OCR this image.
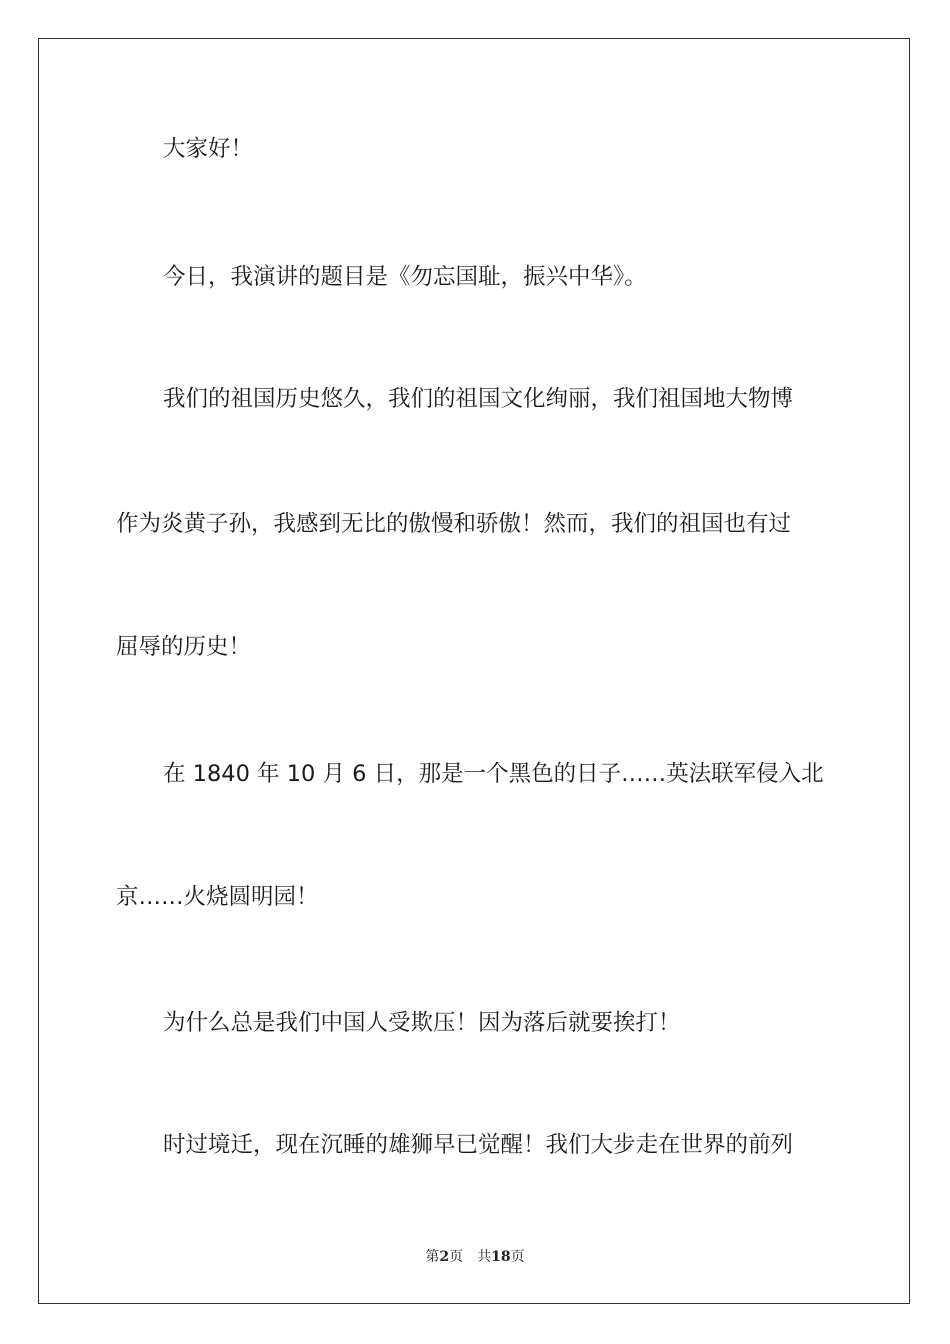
大家好！
今日，我演讲的题目是《勿忘国耻，振兴中华》。
我们的祖国历史悠久，我们的祖国文化绚丽，我们祖国地大物博
作为炎黄子孙，我感到无比的傲慢和骄傲！然而，我们的祖国也有过
屈辱的历史！
在 1840 年 10 月 6 日，那是一个黑色的日子……英法联军侵入北
京……火烧圆明园！
为什么总是我们中国人受欺压！因为落后就要挨打！
时过境迁，现在沉睡的雄狮早已觉醒！我们大步走在世界的前列
第2页 共18页
